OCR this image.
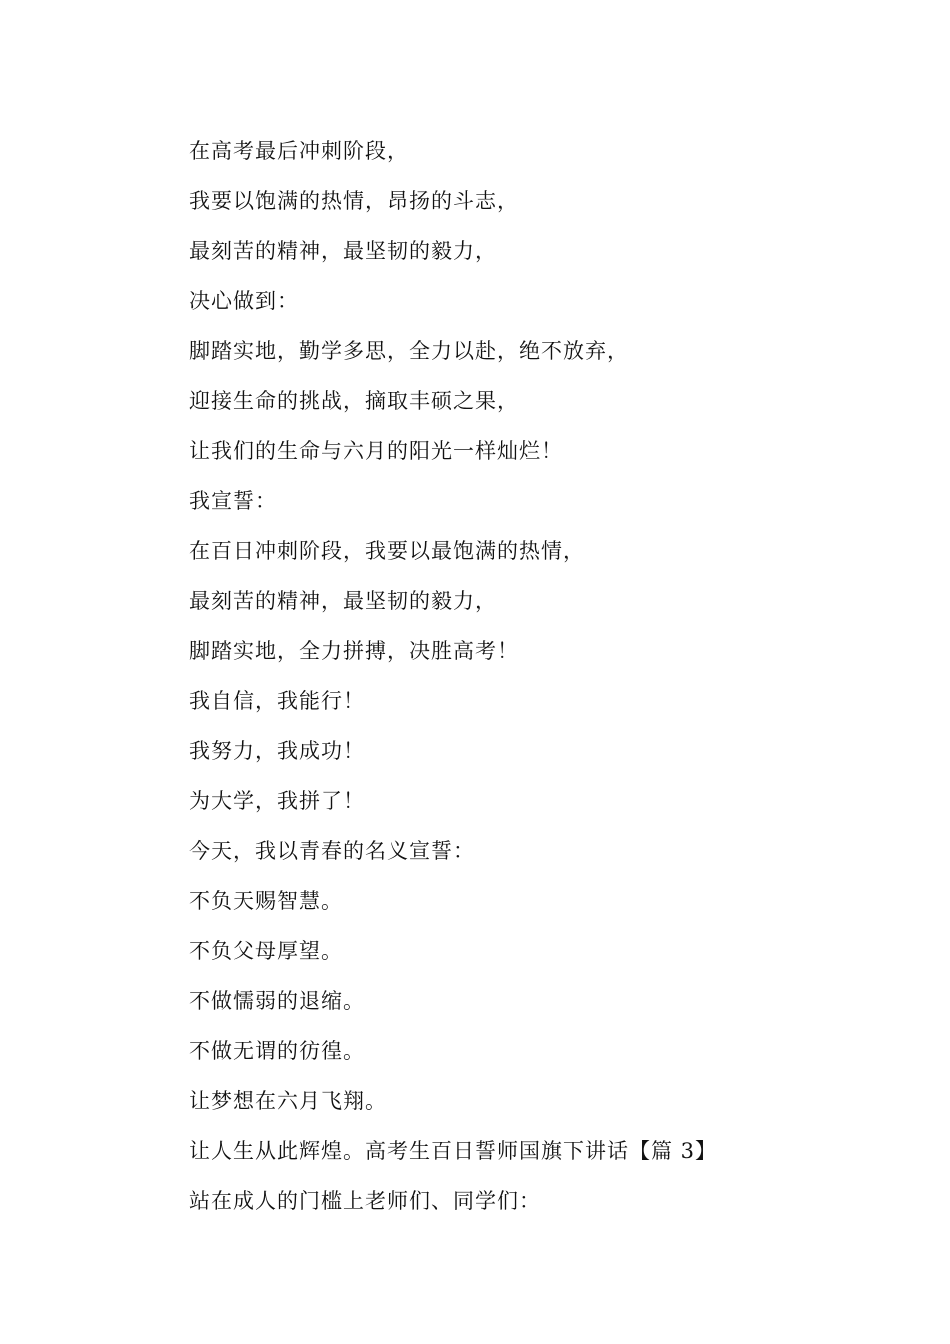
在高考最后冲刺阶段，
我要以饱满的热情，昂扬的斗志，
最刻苦的精神，最坚韧的毅力，
决心做到：
脚踏实地，勤学多思，全力以赴，绝不放弃，
迎接生命的挑战，摘取丰硕之果，
让我们的生命与六月的阳光一样灿烂！
我宣誓：
在百日冲刺阶段，我要以最饱满的热情，
最刻苦的精神，最坚韧的毅力，
脚踏实地，全力拼搏，决胜高考！
我自信，我能行！
我努力，我成功！
为大学，我拼了！
今天，我以青春的名义宣誓：
不负天赐智慧。
不负父母厚望。
不做懦弱的退缩。
不做无谓的彷徨。
让梦想在六月飞翔。
让人生从此辉煌。高考生百日誓师国旗下讲话【篇 3】
站在成人的门槛上老师们、同学们：
